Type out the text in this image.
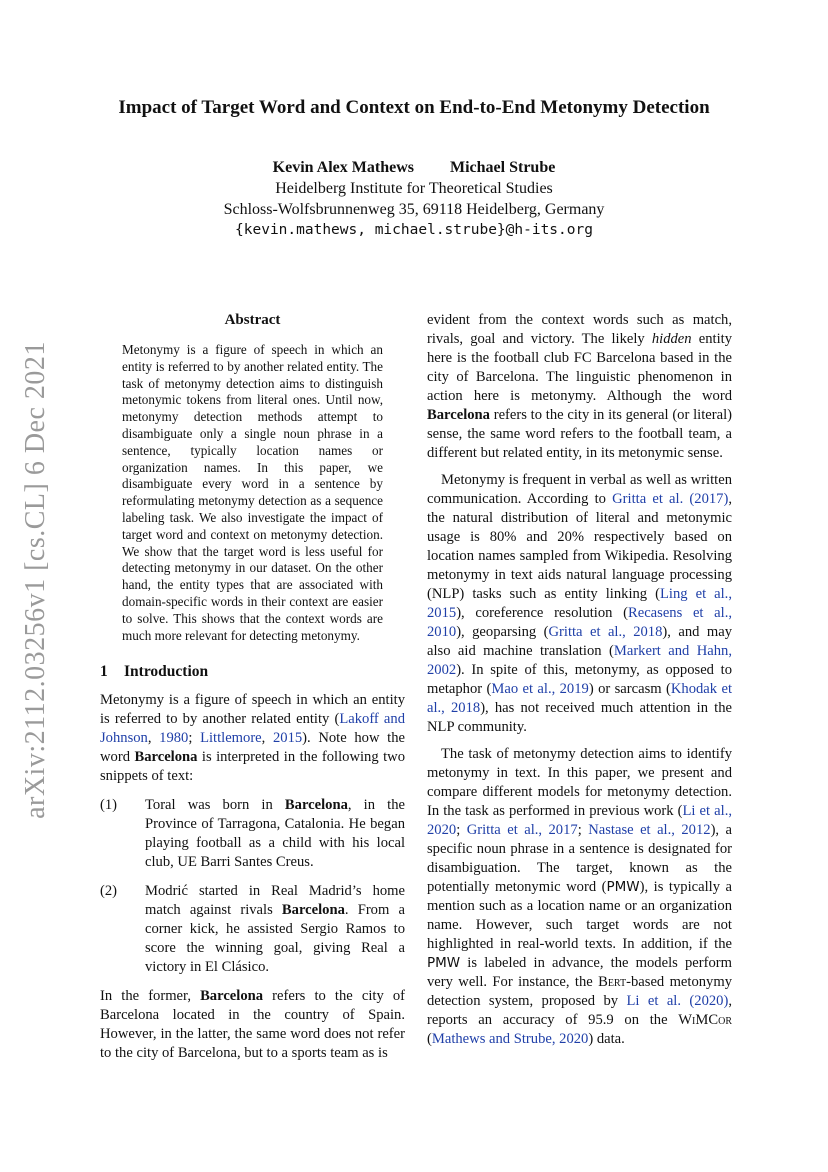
arXiv:2112.03256v1 [cs.CL] 6 Dec 2021
Impact of Target Word and Context on End-to-End Metonymy Detection
Kevin Alex Mathews Michael Strube
Heidelberg Institute for Theoretical Studies
Schloss-Wolfsbrunnenweg 35, 69118 Heidelberg, Germany
{kevin.mathews, michael.strube}@h-its.org
Abstract

Metonymy is a figure of speech in which an entity is referred to by another related entity. The task of metonymy detection aims to distinguish metonymic tokens from literal ones. Until now, metonymy detection methods attempt to disambiguate only a single noun phrase in a sentence, typically location names or organization names. In this paper, we disambiguate every word in a sentence by reformulating metonymy detection as a sequence labeling task. We also investigate the impact of target word and context on metonymy detection. We show that the target word is less useful for detecting metonymy in our dataset. On the other hand, the entity types that are associated with domain-specific words in their context are easier to solve. This shows that the context words are much more relevant for detecting metonymy.

1 Introduction

Metonymy is a figure of speech in which an entity is referred to by another related entity (Lakoff and Johnson, 1980; Littlemore, 2015). Note how the word Barcelona is interpreted in the following two snippets of text:

(1)	Toral was born in Barcelona, in the Province of Tarragona, Catalonia. He began playing football as a child with his local club, UE Barri Santes Creus.
(2)	Modrić started in Real Madrid’s home match against rivals Barcelona. From a corner kick, he assisted Sergio Ramos to score the winning goal, giving Real a victory in El Clásico.

In the former, Barcelona refers to the city of Barcelona located in the country of Spain. However, in the latter, the same word does not refer to the city of Barcelona, but to a sports team as is

evident from the context words such as match, rivals, goal and victory. The likely hidden entity here is the football club FC Barcelona based in the city of Barcelona. The linguistic phenomenon in action here is metonymy. Although the word Barcelona refers to the city in its general (or literal) sense, the same word refers to the football team, a different but related entity, in its metonymic sense.

Metonymy is frequent in verbal as well as written communication. According to Gritta et al. (2017), the natural distribution of literal and metonymic usage is 80% and 20% respectively based on location names sampled from Wikipedia. Resolving metonymy in text aids natural language processing (NLP) tasks such as entity linking (Ling et al., 2015), coreference resolution (Recasens et al., 2010), geoparsing (Gritta et al., 2018), and may also aid machine translation (Markert and Hahn, 2002). In spite of this, metonymy, as opposed to metaphor (Mao et al., 2019) or sarcasm (Khodak et al., 2018), has not received much attention in the NLP community.

The task of metonymy detection aims to identify metonymy in text. In this paper, we present and compare different models for metonymy detection. In the task as performed in previous work (Li et al., 2020; Gritta et al., 2017; Nastase et al., 2012), a specific noun phrase in a sentence is designated for disambiguation. The target, known as the potentially metonymic word (PMW), is typically a mention such as a location name or an organization name. However, such target words are not highlighted in real-world texts. In addition, if the PMW is labeled in advance, the models perform very well. For instance, the Bert-based metonymy detection system, proposed by Li et al. (2020), reports an accuracy of 95.9 on the WiMCor (Mathews and Strube, 2020) data.
